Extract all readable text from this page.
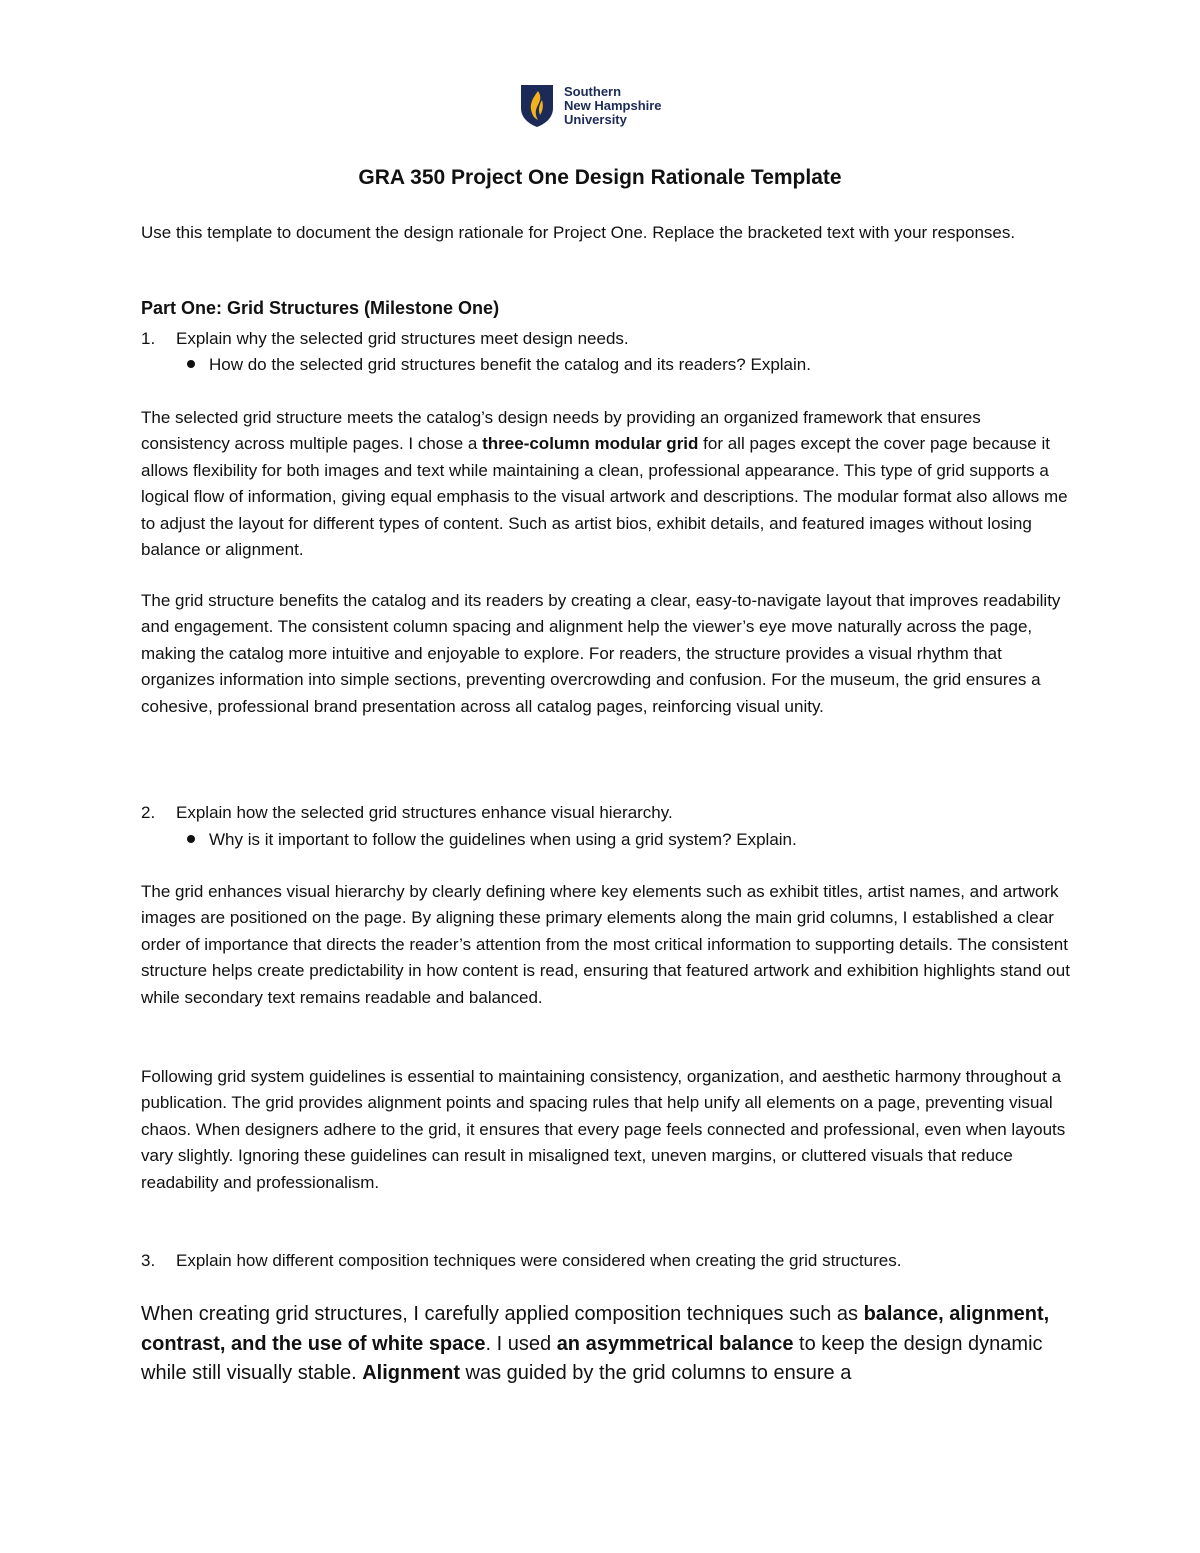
Southern
New Hampshire
University
GRA 350 Project One Design Rationale Template

Use this template to document the design rationale for Project One. Replace the bracketed text with your responses.

Part One: Grid Structures (Milestone One)

1. Explain why the selected grid structures meet design needs.

How do the selected grid structures benefit the catalog and its readers? Explain.

The selected grid structure meets the catalog’s design needs by providing an organized framework that ensures consistency across multiple pages. I chose a three-column modular grid for all pages except the cover page because it allows flexibility for both images and text while maintaining a clean, professional appearance. This type of grid supports a logical flow of information, giving equal emphasis to the visual artwork and descriptions. The modular format also allows me to adjust the layout for different types of content. Such as artist bios, exhibit details, and featured images without losing balance or alignment.

The grid structure benefits the catalog and its readers by creating a clear, easy-to-navigate layout that improves readability and engagement. The consistent column spacing and alignment help the viewer’s eye move naturally across the page, making the catalog more intuitive and enjoyable to explore. For readers, the structure provides a visual rhythm that organizes information into simple sections, preventing overcrowding and confusion. For the museum, the grid ensures a cohesive, professional brand presentation across all catalog pages, reinforcing visual unity.

2. Explain how the selected grid structures enhance visual hierarchy.

Why is it important to follow the guidelines when using a grid system? Explain.

The grid enhances visual hierarchy by clearly defining where key elements such as exhibit titles, artist names, and artwork images are positioned on the page. By aligning these primary elements along the main grid columns, I established a clear order of importance that directs the reader’s attention from the most critical information to supporting details. The consistent structure helps create predictability in how content is read, ensuring that featured artwork and exhibition highlights stand out while secondary text remains readable and balanced.

Following grid system guidelines is essential to maintaining consistency, organization, and aesthetic harmony throughout a publication. The grid provides alignment points and spacing rules that help unify all elements on a page, preventing visual chaos. When designers adhere to the grid, it ensures that every page feels connected and professional, even when layouts vary slightly. Ignoring these guidelines can result in misaligned text, uneven margins, or cluttered visuals that reduce readability and professionalism.

3. Explain how different composition techniques were considered when creating the grid structures.

When creating grid structures, I carefully applied composition techniques such as balance, alignment, contrast, and the use of white space. I used an asymmetrical balance to keep the design dynamic while still visually stable. Alignment was guided by the grid columns to ensure a
